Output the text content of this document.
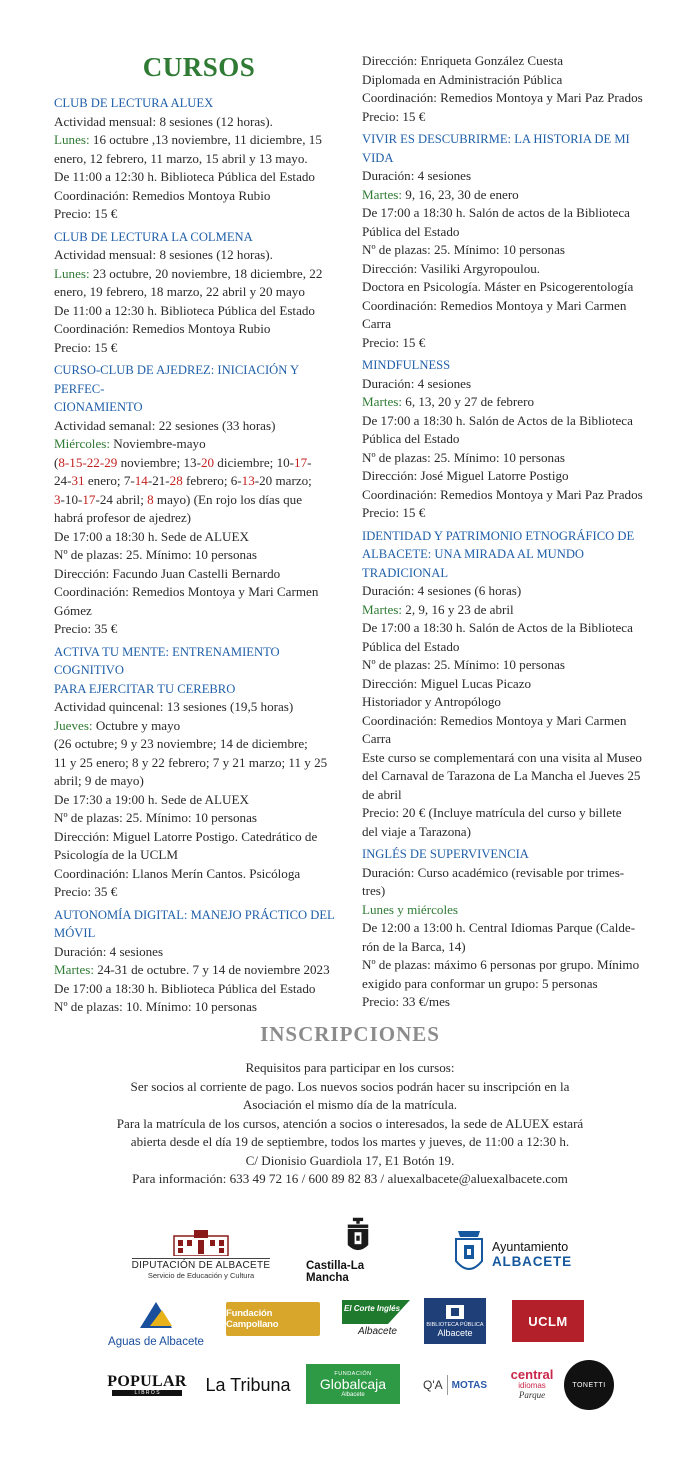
CURSOS
CLUB DE LECTURA ALUEX
Actividad mensual: 8 sesiones (12 horas).
Lunes: 16 octubre ,13 noviembre, 11 diciembre, 15
enero, 12 febrero, 11 marzo, 15 abril y 13 mayo.
De 11:00 a 12:30 h. Biblioteca Pública del Estado
Coordinación: Remedios Montoya Rubio
Precio: 15 €
CLUB DE LECTURA LA COLMENA
Actividad mensual: 8 sesiones (12 horas).
Lunes: 23 octubre, 20 noviembre, 18 diciembre, 22
enero, 19 febrero, 18 marzo, 22 abril y 20 mayo
De 11:00 a 12:30 h. Biblioteca Pública del Estado
Coordinación: Remedios Montoya Rubio
Precio: 15 €
CURSO-CLUB DE AJEDREZ: INICIACIÓN Y PERFEC-
CIONAMIENTO
Actividad semanal: 22 sesiones (33 horas)
Miércoles: Noviembre-mayo
(8-15-22-29 noviembre; 13-20 diciembre; 10-17-
24-31 enero; 7-14-21-28 febrero; 6-13-20 marzo;
3-10-17-24 abril; 8 mayo) (En rojo los días que
habrá profesor de ajedrez)
De 17:00 a 18:30 h. Sede de ALUEX
Nº de plazas: 25. Mínimo: 10 personas
Dirección: Facundo Juan Castelli Bernardo
Coordinación: Remedios Montoya y Mari Carmen
Gómez
Precio: 35 €
ACTIVA TU MENTE: ENTRENAMIENTO COGNITIVO
PARA EJERCITAR TU CEREBRO
Actividad quincenal: 13 sesiones (19,5 horas)
Jueves: Octubre y mayo
(26 octubre; 9 y 23 noviembre; 14 de diciembre;
11 y 25 enero; 8 y 22 febrero; 7 y 21 marzo; 11 y 25
abril; 9 de mayo)
De 17:30 a 19:00 h. Sede de ALUEX
Nº de plazas: 25. Mínimo: 10 personas
Dirección: Miguel Latorre Postigo. Catedrático de
Psicología de la UCLM
Coordinación: Llanos Merín Cantos. Psicóloga
Precio: 35 €
AUTONOMÍA DIGITAL: MANEJO PRÁCTICO DEL
MÓVIL
Duración: 4 sesiones
Martes: 24-31 de octubre. 7 y 14 de noviembre 2023
De 17:00 a 18:30 h. Biblioteca Pública del Estado
Nº de plazas: 10. Mínimo: 10 personas
Dirección: Enriqueta González Cuesta
Diplomada en Administración Pública
Coordinación: Remedios Montoya y Mari Paz Prados
Precio: 15 €
VIVIR ES DESCUBRIRME: LA HISTORIA DE MI VIDA
Duración: 4 sesiones
Martes: 9, 16, 23, 30 de enero
De 17:00 a 18:30 h. Salón de actos de la Biblioteca
Pública del Estado
Nº de plazas: 25. Mínimo: 10 personas
Dirección: Vasiliki Argyropoulou.
Doctora en Psicología. Máster en Psicogerentología
Coordinación: Remedios Montoya y Mari Carmen
Carra
Precio: 15 €
MINDFULNESS
Duración: 4 sesiones
Martes: 6, 13, 20 y 27 de febrero
De 17:00 a 18:30 h. Salón de Actos de la Biblioteca
Pública del Estado
Nº de plazas: 25. Mínimo: 10 personas
Dirección: José Miguel Latorre Postigo
Coordinación: Remedios Montoya y Mari Paz Prados
Precio: 15 €
IDENTIDAD Y PATRIMONIO ETNOGRÁFICO DE
ALBACETE: UNA MIRADA AL MUNDO TRADICIONAL
Duración: 4 sesiones (6 horas)
Martes: 2, 9, 16 y 23 de abril
De 17:00 a 18:30 h. Salón de Actos de la Biblioteca
Pública del Estado
Nº de plazas: 25. Mínimo: 10 personas
Dirección: Miguel Lucas Picazo
Historiador y Antropólogo
Coordinación: Remedios Montoya y Mari Carmen
Carra
Este curso se complementará con una visita al Museo
del Carnaval de Tarazona de La Mancha el Jueves 25
de abril
Precio: 20 € (Incluye matrícula del curso y billete
del viaje a Tarazona)
INGLÉS DE SUPERVIVENCIA
Duración: Curso académico (revisable por trimes-
tres)
Lunes y miércoles
De 12:00 a 13:00 h. Central Idiomas Parque (Calde-
rón de la Barca, 14)
Nº de plazas: máximo 6 personas por grupo. Mínimo
exigido para conformar un grupo: 5 personas
Precio: 33 €/mes
INSCRIPCIONES
Requisitos para participar en los cursos:
Ser socios al corriente de pago. Los nuevos socios podrán hacer su inscripción en la
Asociación el mismo día de la matrícula.
Para la matrícula de los cursos, atención a socios o interesados, la sede de ALUEX estará
abierta desde el día 19 de septiembre, todos los martes y jueves, de 11:00 a 12:30 h.
C/ Dionisio Guardiola 17, E1 Botón 19.
Para información: 633 49 72 16 / 600 89 82 83 / aluexalbacete@aluexalbacete.com
DIPUTACIÓN DE ALBACETE
Servicio de Educación y Cultura
Castilla-La Mancha
Ayuntamiento
ALBACETE
Aguas de Albacete
Fundación Campollano
El Corte Inglés
Albacete
BIBLIOTECA PÚBLICA
Albacete
UCLM
POPULAR
L I B R O S	La Tribuna
FUNDACIÓN
Globalcaja
Albacete
Q'A MOTAS
central
idiomas
Parque
TONETTI
